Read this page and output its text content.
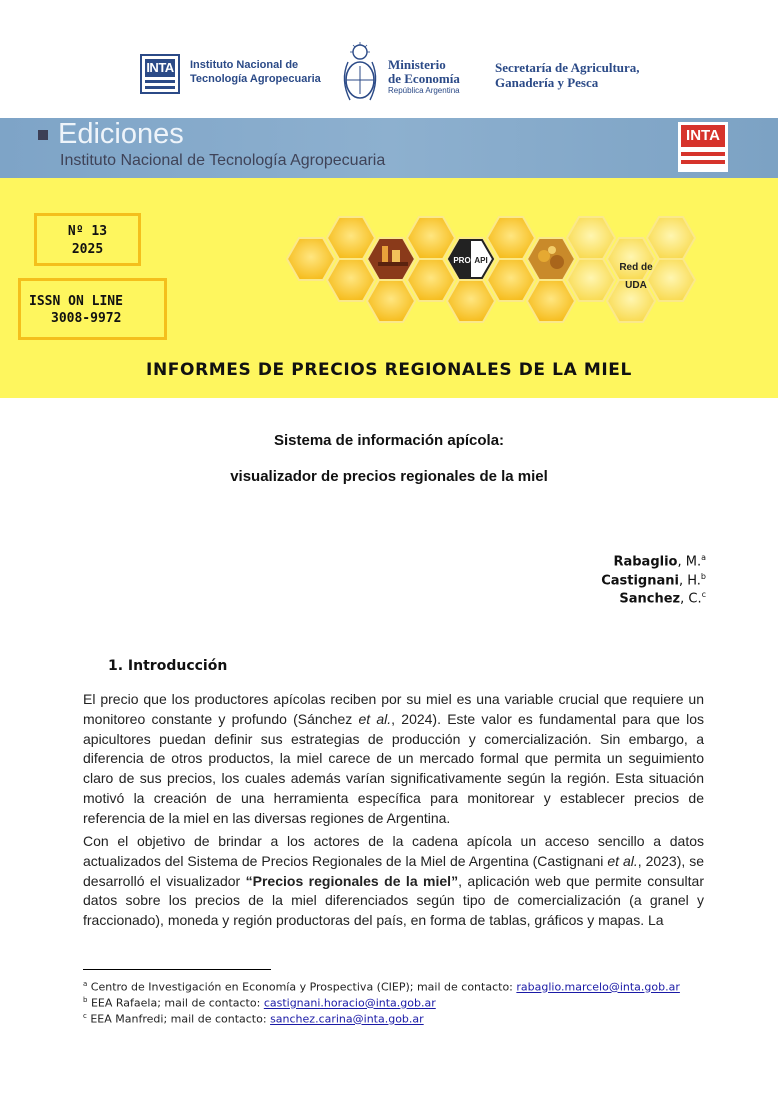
INTA Instituto Nacional de
Tecnología Agropecuaria
Ministerio
de Economía
República Argentina
Secretaría de Agricultura,
Ganadería y Pesca
Ediciones
Instituto Nacional de Tecnología Agropecuaria
INTA
Nº 13
2025
ISSN ON LINE
3008-9972
PRO API
Red de
UDA
INFORMES DE PRECIOS REGIONALES DE LA MIEL
Sistema de información apícola:
visualizador de precios regionales de la miel
Rabaglio, M.$^a$
Castignani, H.$^b$
Sanchez, C.$^c$
1. Introducción

El precio que los productores apícolas reciben por su miel es una variable crucial que requiere un monitoreo constante y profundo (Sánchez et al., 2024). Este valor es fundamental para que los apicultores puedan definir sus estrategias de producción y comercialización. Sin embargo, a diferencia de otros productos, la miel carece de un mercado formal que permita un seguimiento claro de sus precios, los cuales además varían significativamente según la región. Esta situación motivó la creación de una herramienta específica para monitorear y establecer precios de referencia de la miel en las diversas regiones de Argentina.

Con el objetivo de brindar a los actores de la cadena apícola un acceso sencillo a datos actualizados del Sistema de Precios Regionales de la Miel de Argentina (Castignani et al., 2023), se desarrolló el visualizador “Precios regionales de la miel”, aplicación web que permite consultar datos sobre los precios de la miel diferenciados según tipo de comercialización (a granel y fraccionado), moneda y región productoras del país, en forma de tablas, gráficos y mapas. La

$^a$ Centro de Investigación en Economía y Prospectiva (CIEP); mail de contacto: rabaglio.marcelo@inta.gob.ar
$^b$ EEA Rafaela; mail de contacto: castignani.horacio@inta.gob.ar
$^c$ EEA Manfredi; mail de contacto: sanchez.carina@inta.gob.ar
